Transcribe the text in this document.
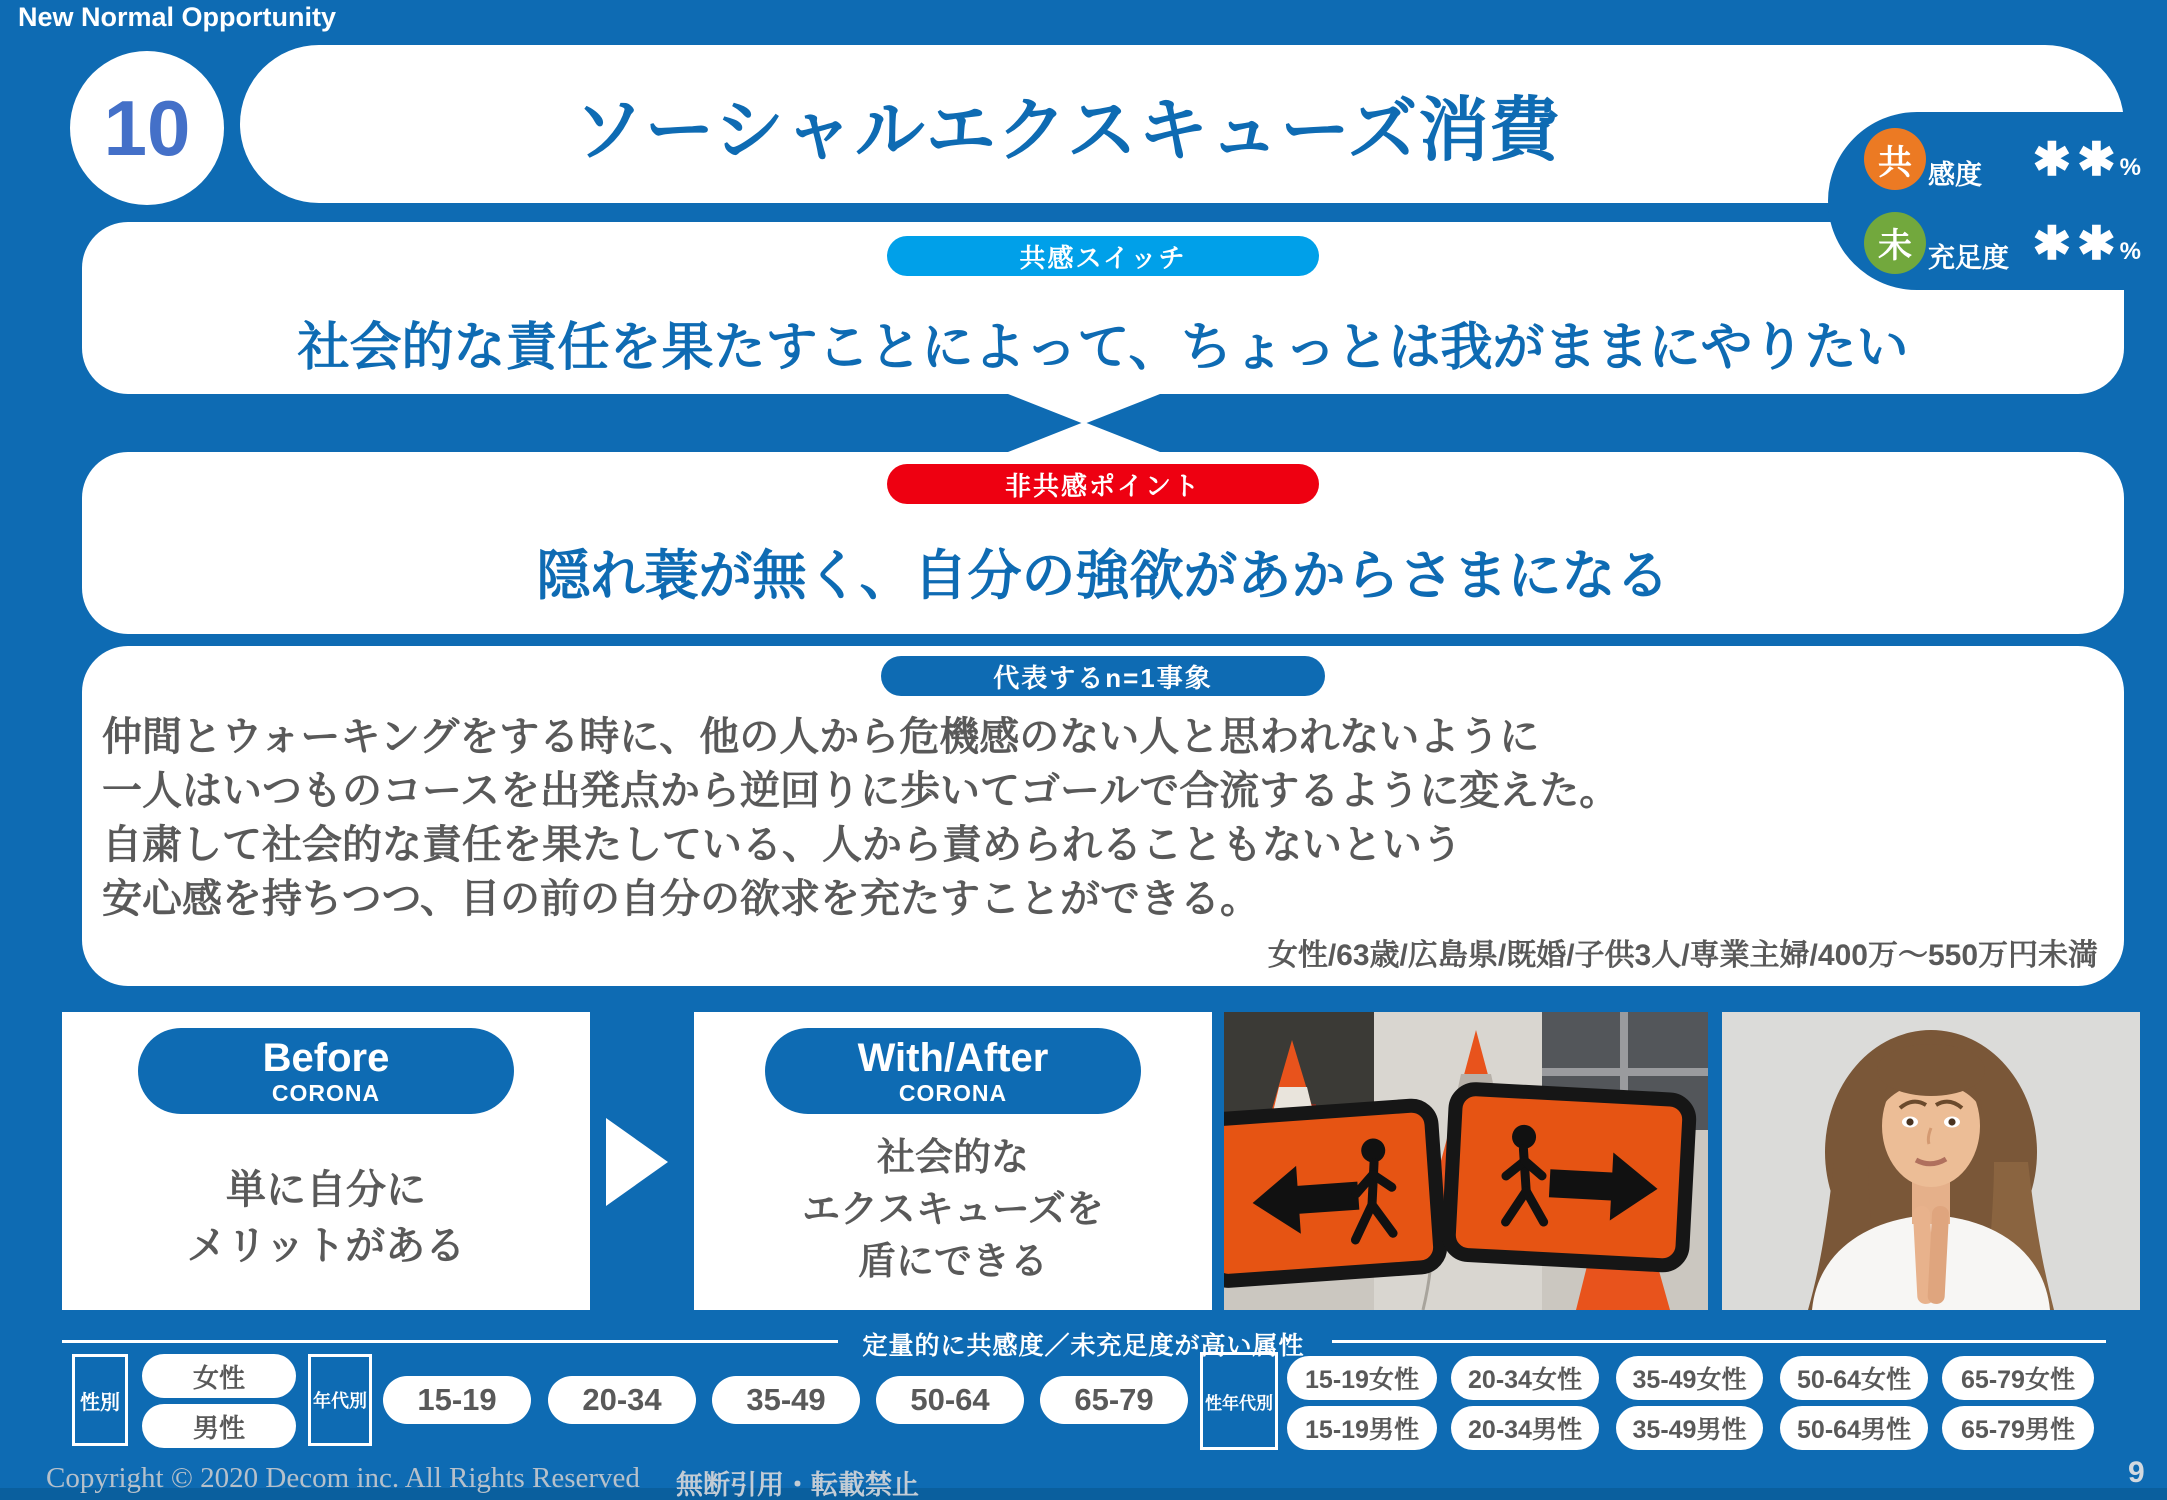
New Normal Opportunity
ソーシャルエクスキューズ消費
10
共感スイッチ
社会的な責任を果たすことによって、ちょっとは我がままにやりたい
共 感度 ✱✱
%
未 充足度 ✱✱
%
非共感ポイント
隠れ蓑が無く、自分の強欲があからさまになる
代表するn=1事象
仲間とウォーキングをする時に、他の人から危機感のない人と思われないように
一人はいつものコースを出発点から逆回りに歩いてゴールで合流するように変えた。
自粛して社会的な責任を果たしている、人から責められることもないという
安心感を持ちつつ、目の前の自分の欲求を充たすことができる。
女性/63歳/広島県/既婚/子供3人/専業主婦/400万～550万円未満
Before
CORONA
単に自分に
メリットがある
With/After
CORONA
社会的な
エクスキューズを
盾にできる
定量的に共感度／未充足度が高い属性
性別
女性
男性
年代別	15-19	20-34	35-49	50-64	65-79	性年代別
15-19女性	20-34女性	35-49女性	50-64女性	65-79女性
15-19男性	20-34男性	35-49男性	50-64男性	65-79男性
Copyright © 2020 Decom inc. All Rights Reserved 無断引用・転載禁止	9
